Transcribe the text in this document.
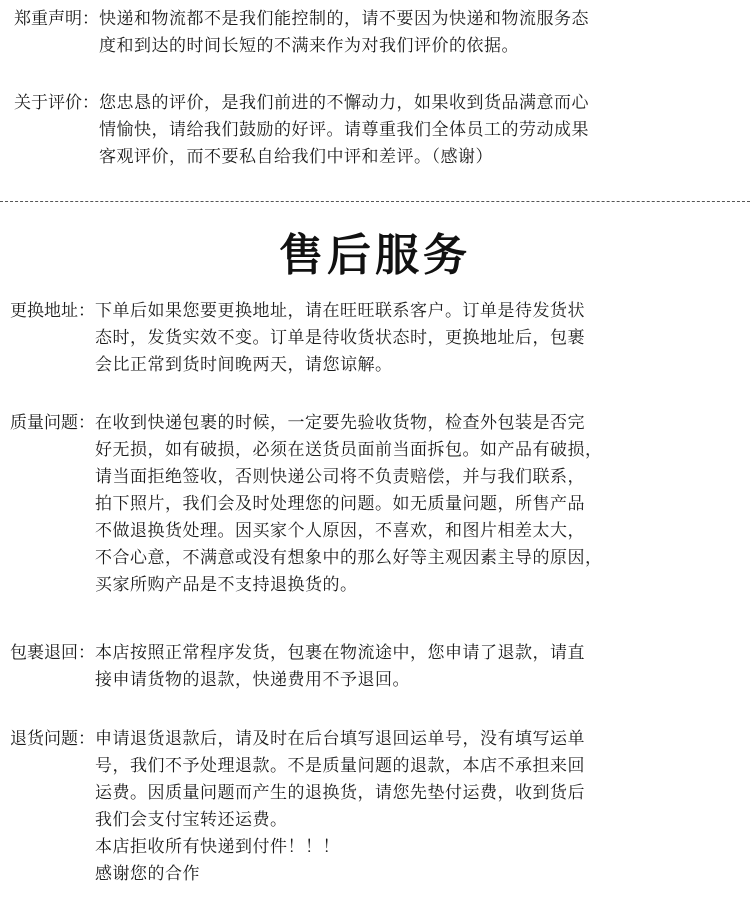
郑重声明： 快递和物流都不是我们能控制的，请不要因为快递和物流服务态
度和到达的时间长短的不满来作为对我们评价的依据。
关于评价： 您忠恳的评价，是我们前进的不懈动力，如果收到货品满意而心
情愉快，请给我们鼓励的好评。请尊重我们全体员工的劳动成果
客观评价，而不要私自给我们中评和差评。（感谢）
售后服务
更换地址： 下单后如果您要更换地址，请在旺旺联系客户。订单是待发货状
态时，发货实效不变。订单是待收货状态时，更换地址后，包裹
会比正常到货时间晚两天，请您谅解。
质量问题： 在收到快递包裹的时候，一定要先验收货物，检查外包装是否完
好无损，如有破损，必须在送货员面前当面拆包。如产品有破损，
请当面拒绝签收，否则快递公司将不负责赔偿，并与我们联系，
拍下照片，我们会及时处理您的问题。如无质量问题，所售产品
不做退换货处理。因买家个人原因，不喜欢，和图片相差太大，
不合心意，不满意或没有想象中的那么好等主观因素主导的原因，
买家所购产品是不支持退换货的。
包裹退回： 本店按照正常程序发货，包裹在物流途中，您申请了退款，请直
接申请货物的退款，快递费用不予退回。
退货问题： 申请退货退款后，请及时在后台填写退回运单号，没有填写运单
号，我们不予处理退款。不是质量问题的退款，本店不承担来回
运费。因质量问题而产生的退换货，请您先垫付运费，收到货后
我们会支付宝转还运费。
本店拒收所有快递到付件！！！
感谢您的合作
